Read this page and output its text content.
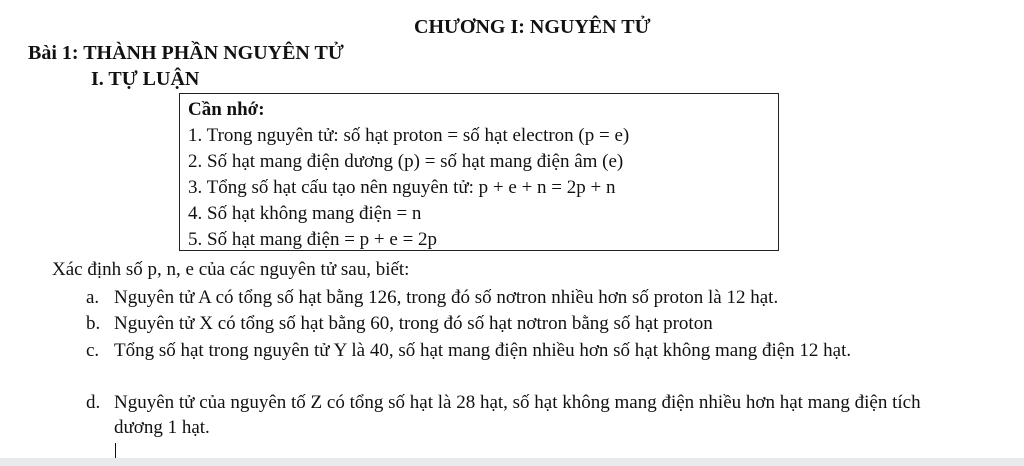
CHƯƠNG I: NGUYÊN TỬ
Bài 1: THÀNH PHẦN NGUYÊN TỬ
I. TỰ LUẬN
Cần nhớ:
1. Trong nguyên tử: số hạt proton = số hạt electron (p = e)
2. Số hạt mang điện dương (p) = số hạt mang điện âm (e)
3. Tổng số hạt cấu tạo nên nguyên tử: p + e + n = 2p + n
4. Số hạt không mang điện = n
5. Số hạt mang điện = p + e = 2p
Xác định số p, n, e của các nguyên tử sau, biết:
a. Nguyên tử A có tổng số hạt bằng 126, trong đó số nơtron nhiều hơn số proton là 12 hạt.
b. Nguyên tử X có tổng số hạt bằng 60, trong đó số hạt nơtron bằng số hạt proton
c. Tổng số hạt trong nguyên tử Y là 40, số hạt mang điện nhiều hơn số hạt không mang điện 12 hạt.
d. Nguyên tử của nguyên tố Z có tổng số hạt là 28 hạt, số hạt không mang điện nhiều hơn hạt mang điện tích dương 1 hạt.
